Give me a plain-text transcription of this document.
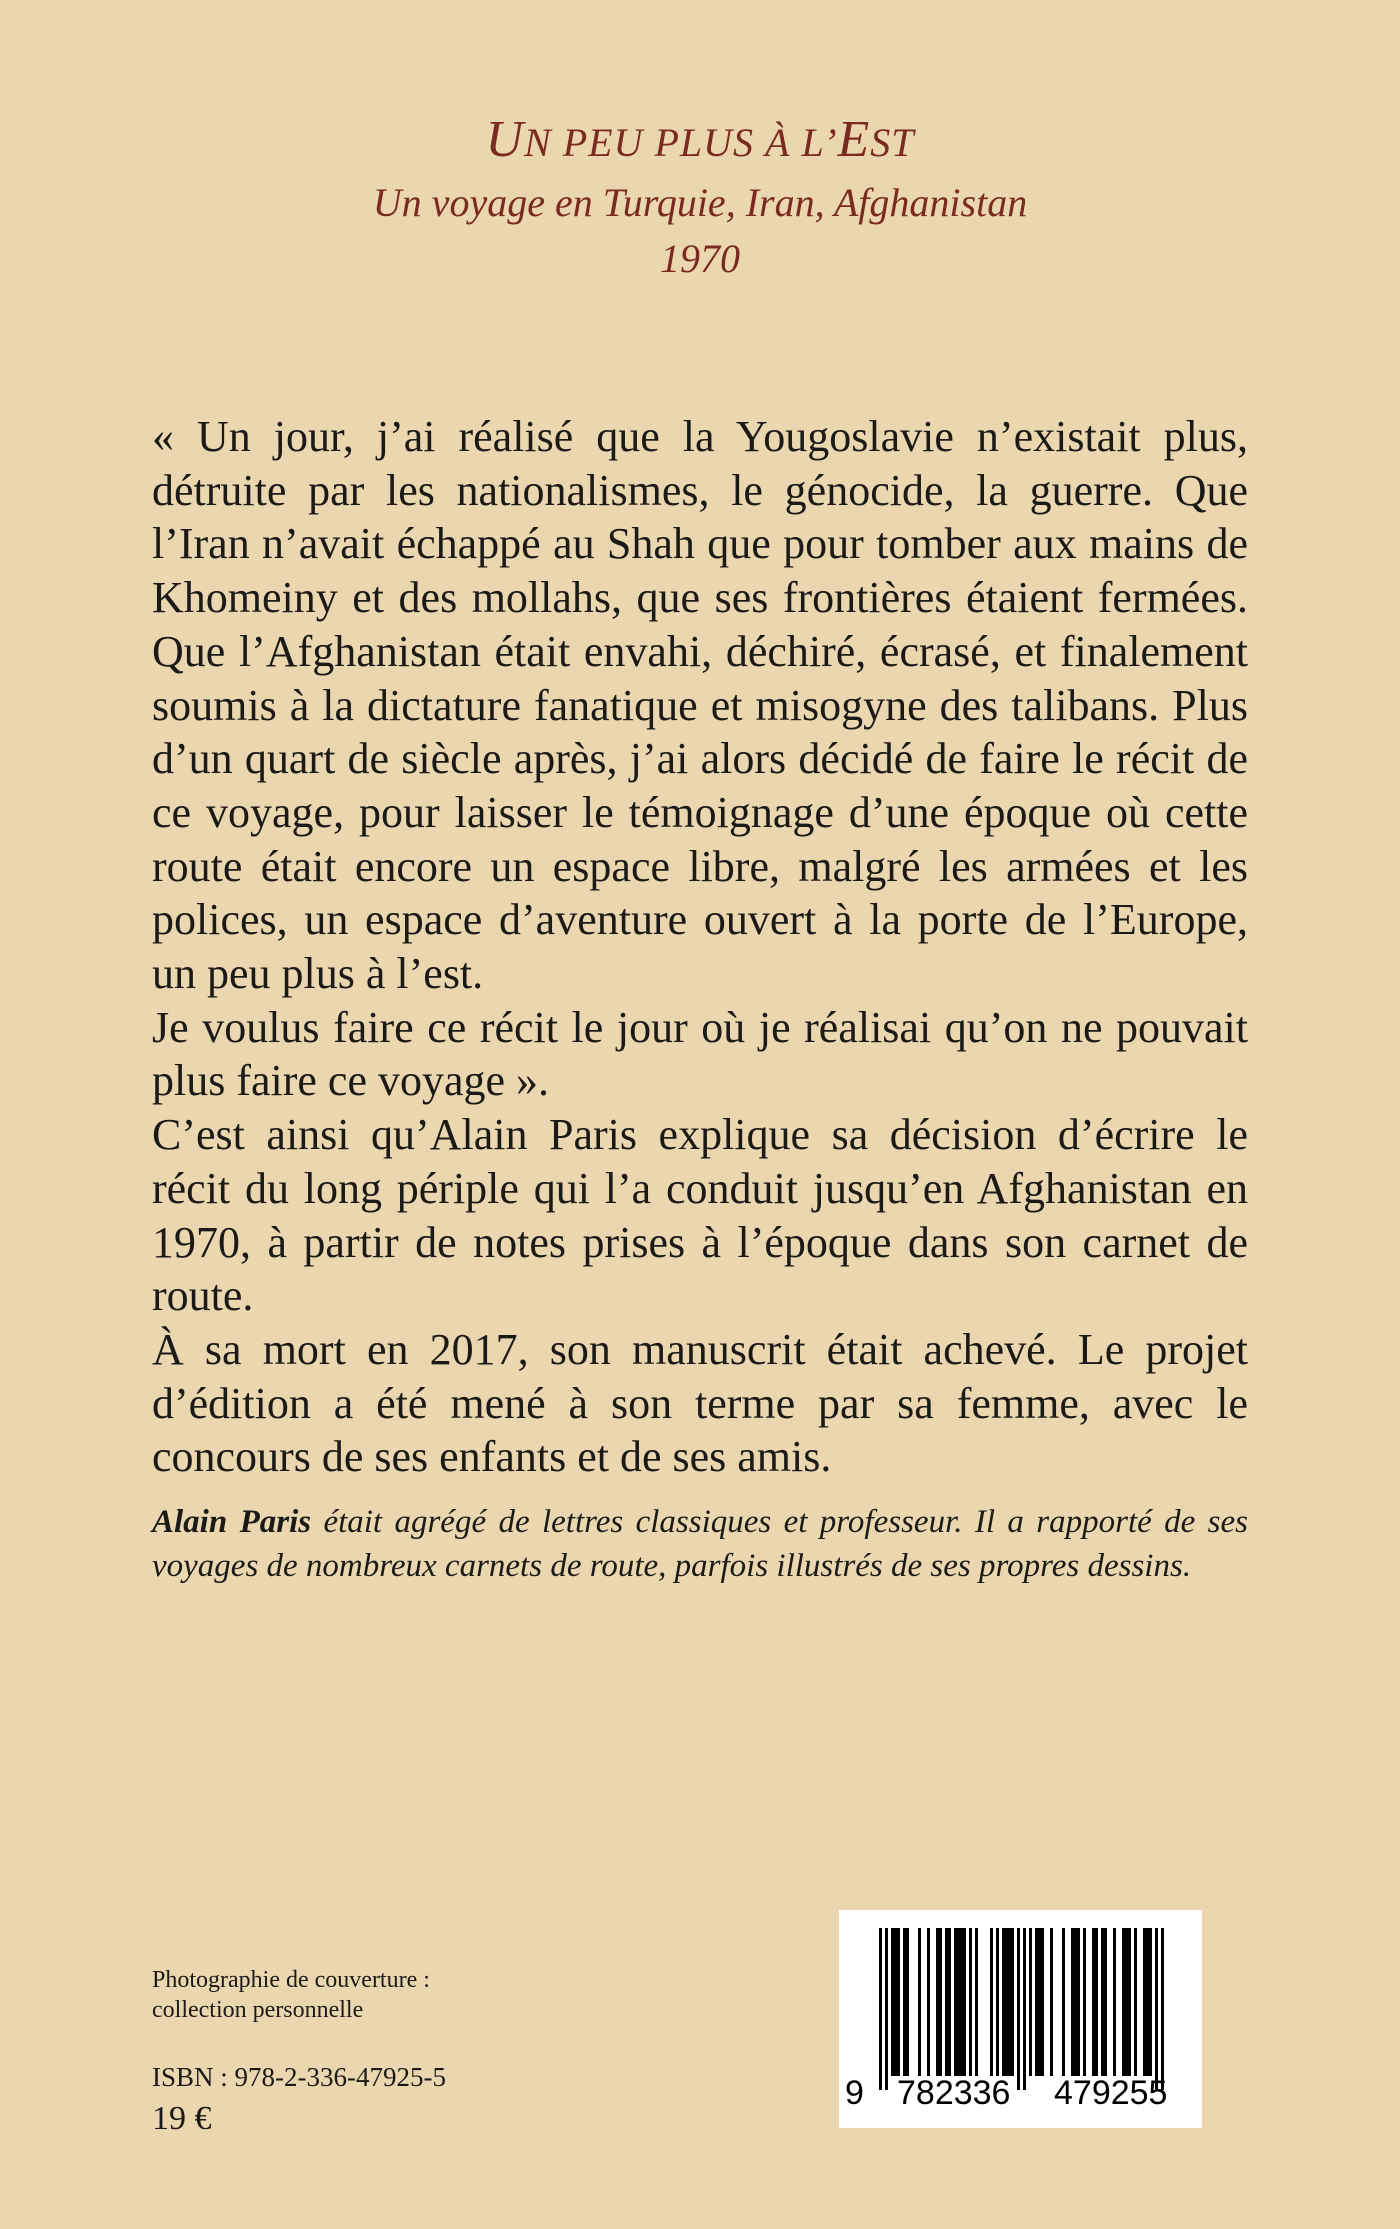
UN PEU PLUS À L’EST
Un voyage en Turquie, Iran, Afghanistan
1970

« Un jour, j’ai réalisé que la Yougoslavie n’existait plus, détruite par les nationalismes, le génocide, la guerre. Que l’Iran n’avait échappé au Shah que pour tomber aux mains de Khomeiny et des mollahs, que ses frontières étaient fermées. Que l’Afghanistan était envahi, déchiré, écrasé, et finalement soumis à la dictature fanatique et misogyne des talibans. Plus d’un quart de siècle après, j’ai alors décidé de faire le récit de ce voyage, pour laisser le témoignage d’une époque où cette route était encore un espace libre, malgré les armées et les polices, un espace d’aventure ouvert à la porte de l’Europe, un peu plus à l’est.

Je voulus faire ce récit le jour où je réalisai qu’on ne pouvait plus faire ce voyage ».

C’est ainsi qu’Alain Paris explique sa décision d’écrire le récit du long périple qui l’a conduit jusqu’en Afghanistan en 1970, à partir de notes prises à l’époque dans son carnet de route.

À sa mort en 2017, son manuscrit était achevé. Le projet d’édition a été mené à son terme par sa femme, avec le concours de ses enfants et de ses amis.

Alain Paris était agrégé de lettres classiques et professeur. Il a rapporté de ses voyages de nombreux carnets de route, parfois illustrés de ses propres dessins.
Photographie de couverture :
collection personnelle
ISBN : 978-2-336-47925-5
19 €
9 782336 479255
